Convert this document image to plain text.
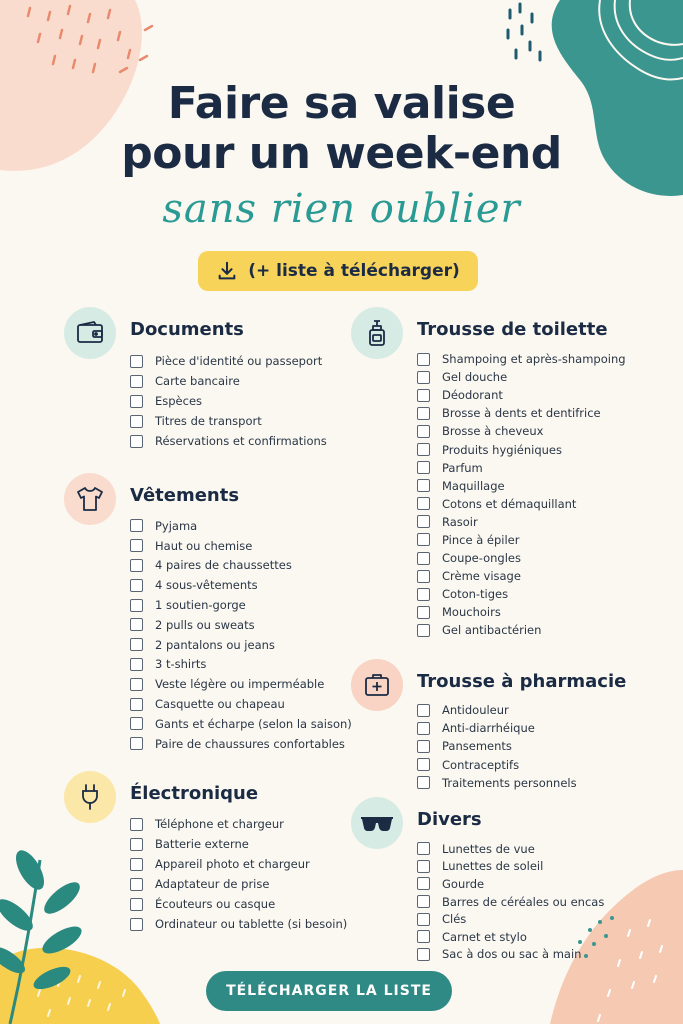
Faire sa valise
pour un week-end
sans rien oublier
(+ liste à télécharger)
Documents
Pièce d'identité ou passeport
Carte bancaire
Espèces
Titres de transport
Réservations et confirmations
Vêtements
Pyjama
Haut ou chemise
4 paires de chaussettes
4 sous-vêtements
1 soutien-gorge
2 pulls ou sweats
2 pantalons ou jeans
3 t-shirts
Veste légère ou imperméable
Casquette ou chapeau
Gants et écharpe (selon la saison)
Paire de chaussures confortables
Électronique
Téléphone et chargeur
Batterie externe
Appareil photo et chargeur
Adaptateur de prise
Écouteurs ou casque
Ordinateur ou tablette (si besoin)
Trousse de toilette
Shampoing et après-shampoing
Gel douche
Déodorant
Brosse à dents et dentifrice
Brosse à cheveux
Produits hygiéniques
Parfum
Maquillage
Cotons et démaquillant
Rasoir
Pince à épiler
Coupe-ongles
Crème visage
Coton-tiges
Mouchoirs
Gel antibactérien
Trousse à pharmacie
Antidouleur
Anti-diarrhéique
Pansements
Contraceptifs
Traitements personnels
Divers
Lunettes de vue
Lunettes de soleil
Gourde
Barres de céréales ou encas
Clés
Carnet et stylo
Sac à dos ou sac à main
TÉLÉCHARGER LA LISTE
